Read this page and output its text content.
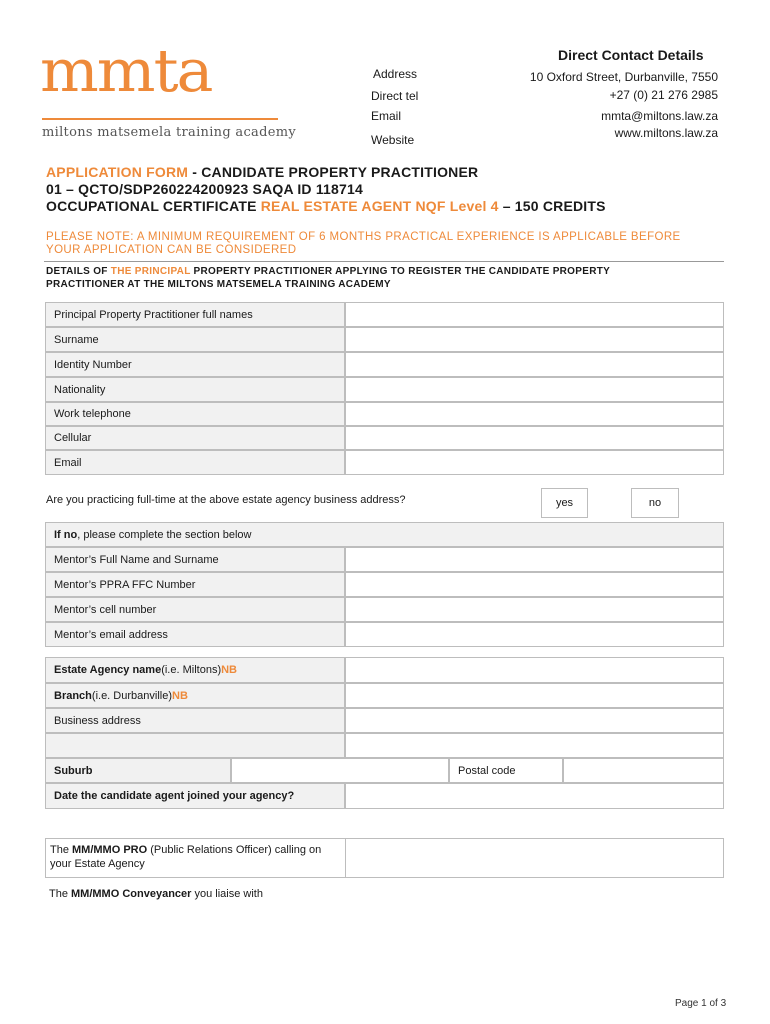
mmta
miltons matsemela training academy
Direct Contact Details
Address	10 Oxford Street, Durbanville, 7550
Direct tel	+27 (0) 21 276 2985
Email	mmta@miltons.law.za
Website	www.miltons.law.za
APPLICATION FORM - CANDIDATE PROPERTY PRACTITIONER
01 – QCTO/SDP260224200923 SAQA ID 118714
OCCUPATIONAL CERTIFICATE REAL ESTATE AGENT NQF Level 4 – 150 CREDITS
PLEASE NOTE: A MINIMUM REQUIREMENT OF 6 MONTHS PRACTICAL EXPERIENCE IS APPLICABLE BEFORE
YOUR APPLICATION CAN BE CONSIDERED
DETAILS OF THE PRINCIPAL PROPERTY PRACTITIONER APPLYING TO REGISTER THE CANDIDATE PROPERTY
PRACTITIONER AT THE MILTONS MATSEMELA TRAINING ACADEMY
Principal Property Practitioner full names
Surname
Identity Number
Nationality
Work telephone
Cellular
Email
Are you practicing full-time at the above estate agency business address?	yes	no
If no , please complete the section below
Mentor’s Full Name and Surname
Mentor’s PPRA FFC Number
Mentor’s cell number
Mentor’s email address
Estate Agency name (i.e. Miltons) NB
Branch (i.e. Durbanville) NB
Business address
Suburb	Postal code
Date the candidate agent joined your agency?
The MM/MMO PRO (Public Relations Officer) calling on
your Estate Agency
The MM/MMO Conveyancer you liaise with
Page 1 of 3
